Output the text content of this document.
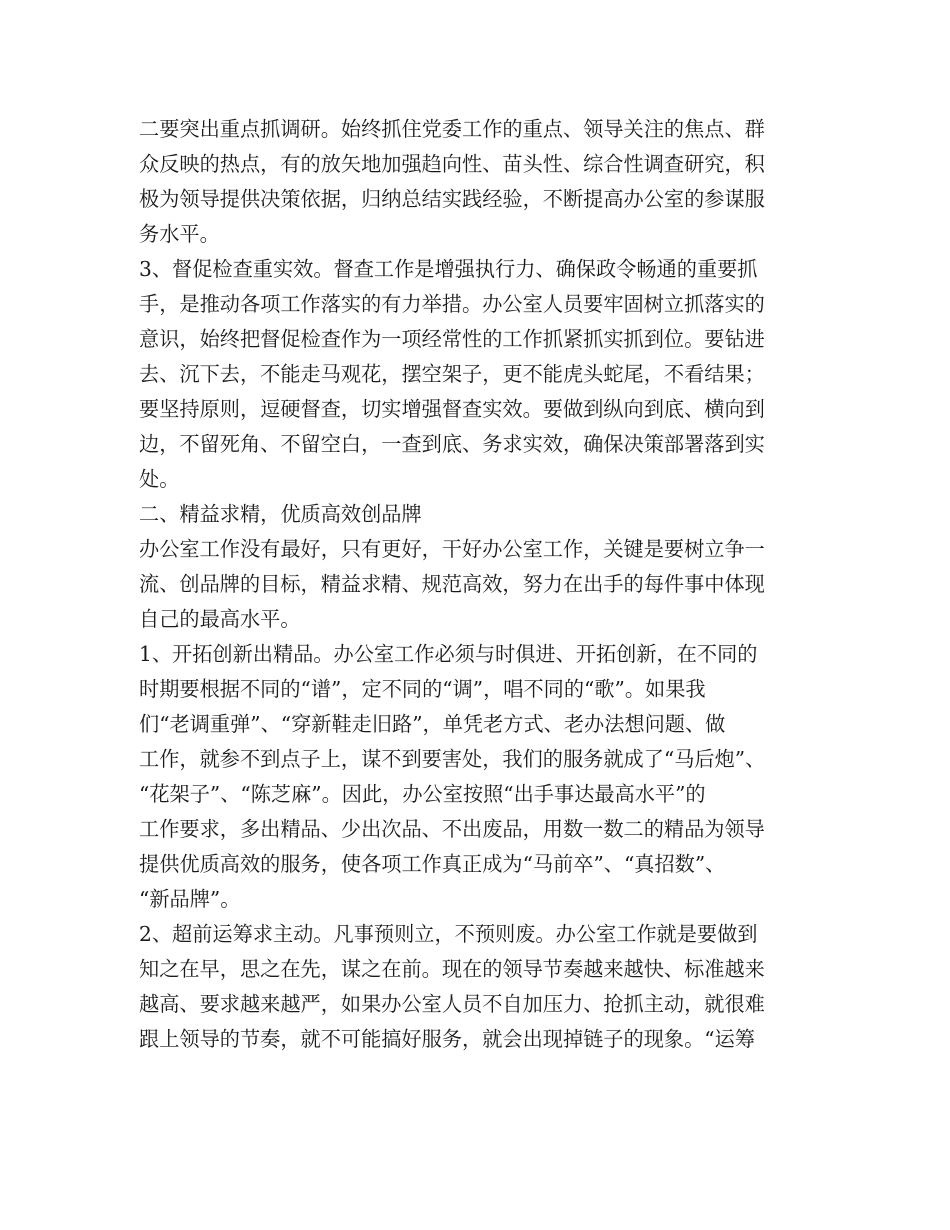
二要突出重点抓调研。始终抓住党委工作的重点、领导关注的焦点、群
众反映的热点，有的放矢地加强趋向性、苗头性、综合性调查研究，积
极为领导提供决策依据，归纳总结实践经验，不断提高办公室的参谋服
务水平。
3、督促检查重实效。督查工作是增强执行力、确保政令畅通的重要抓
手，是推动各项工作落实的有力举措。办公室人员要牢固树立抓落实的
意识，始终把督促检查作为一项经常性的工作抓紧抓实抓到位。要钻进
去、沉下去，不能走马观花，摆空架子，更不能虎头蛇尾，不看结果；
要坚持原则，逗硬督查，切实增强督查实效。要做到纵向到底、横向到
边，不留死角、不留空白，一查到底、务求实效，确保决策部署落到实
处。
二、精益求精，优质高效创品牌
办公室工作没有最好，只有更好，干好办公室工作，关键是要树立争一
流、创品牌的目标，精益求精、规范高效，努力在出手的每件事中体现
自己的最高水平。
1、开拓创新出精品。办公室工作必须与时俱进、开拓创新，在不同的
时期要根据不同的“谱”，定不同的“调”，唱不同的“歌”。如果我
们“老调重弹”、“穿新鞋走旧路”，单凭老方式、老办法想问题、做
工作，就参不到点子上，谋不到要害处，我们的服务就成了“马后炮”、
“花架子”、“陈芝麻”。因此，办公室按照“出手事达最高水平”的
工作要求，多出精品、少出次品、不出废品，用数一数二的精品为领导
提供优质高效的服务，使各项工作真正成为“马前卒”、“真招数”、
“新品牌”。
2、超前运筹求主动。凡事预则立，不预则废。办公室工作就是要做到
知之在早，思之在先，谋之在前。现在的领导节奏越来越快、标准越来
越高、要求越来越严，如果办公室人员不自加压力、抢抓主动，就很难
跟上领导的节奏，就不可能搞好服务，就会出现掉链子的现象。“运筹
